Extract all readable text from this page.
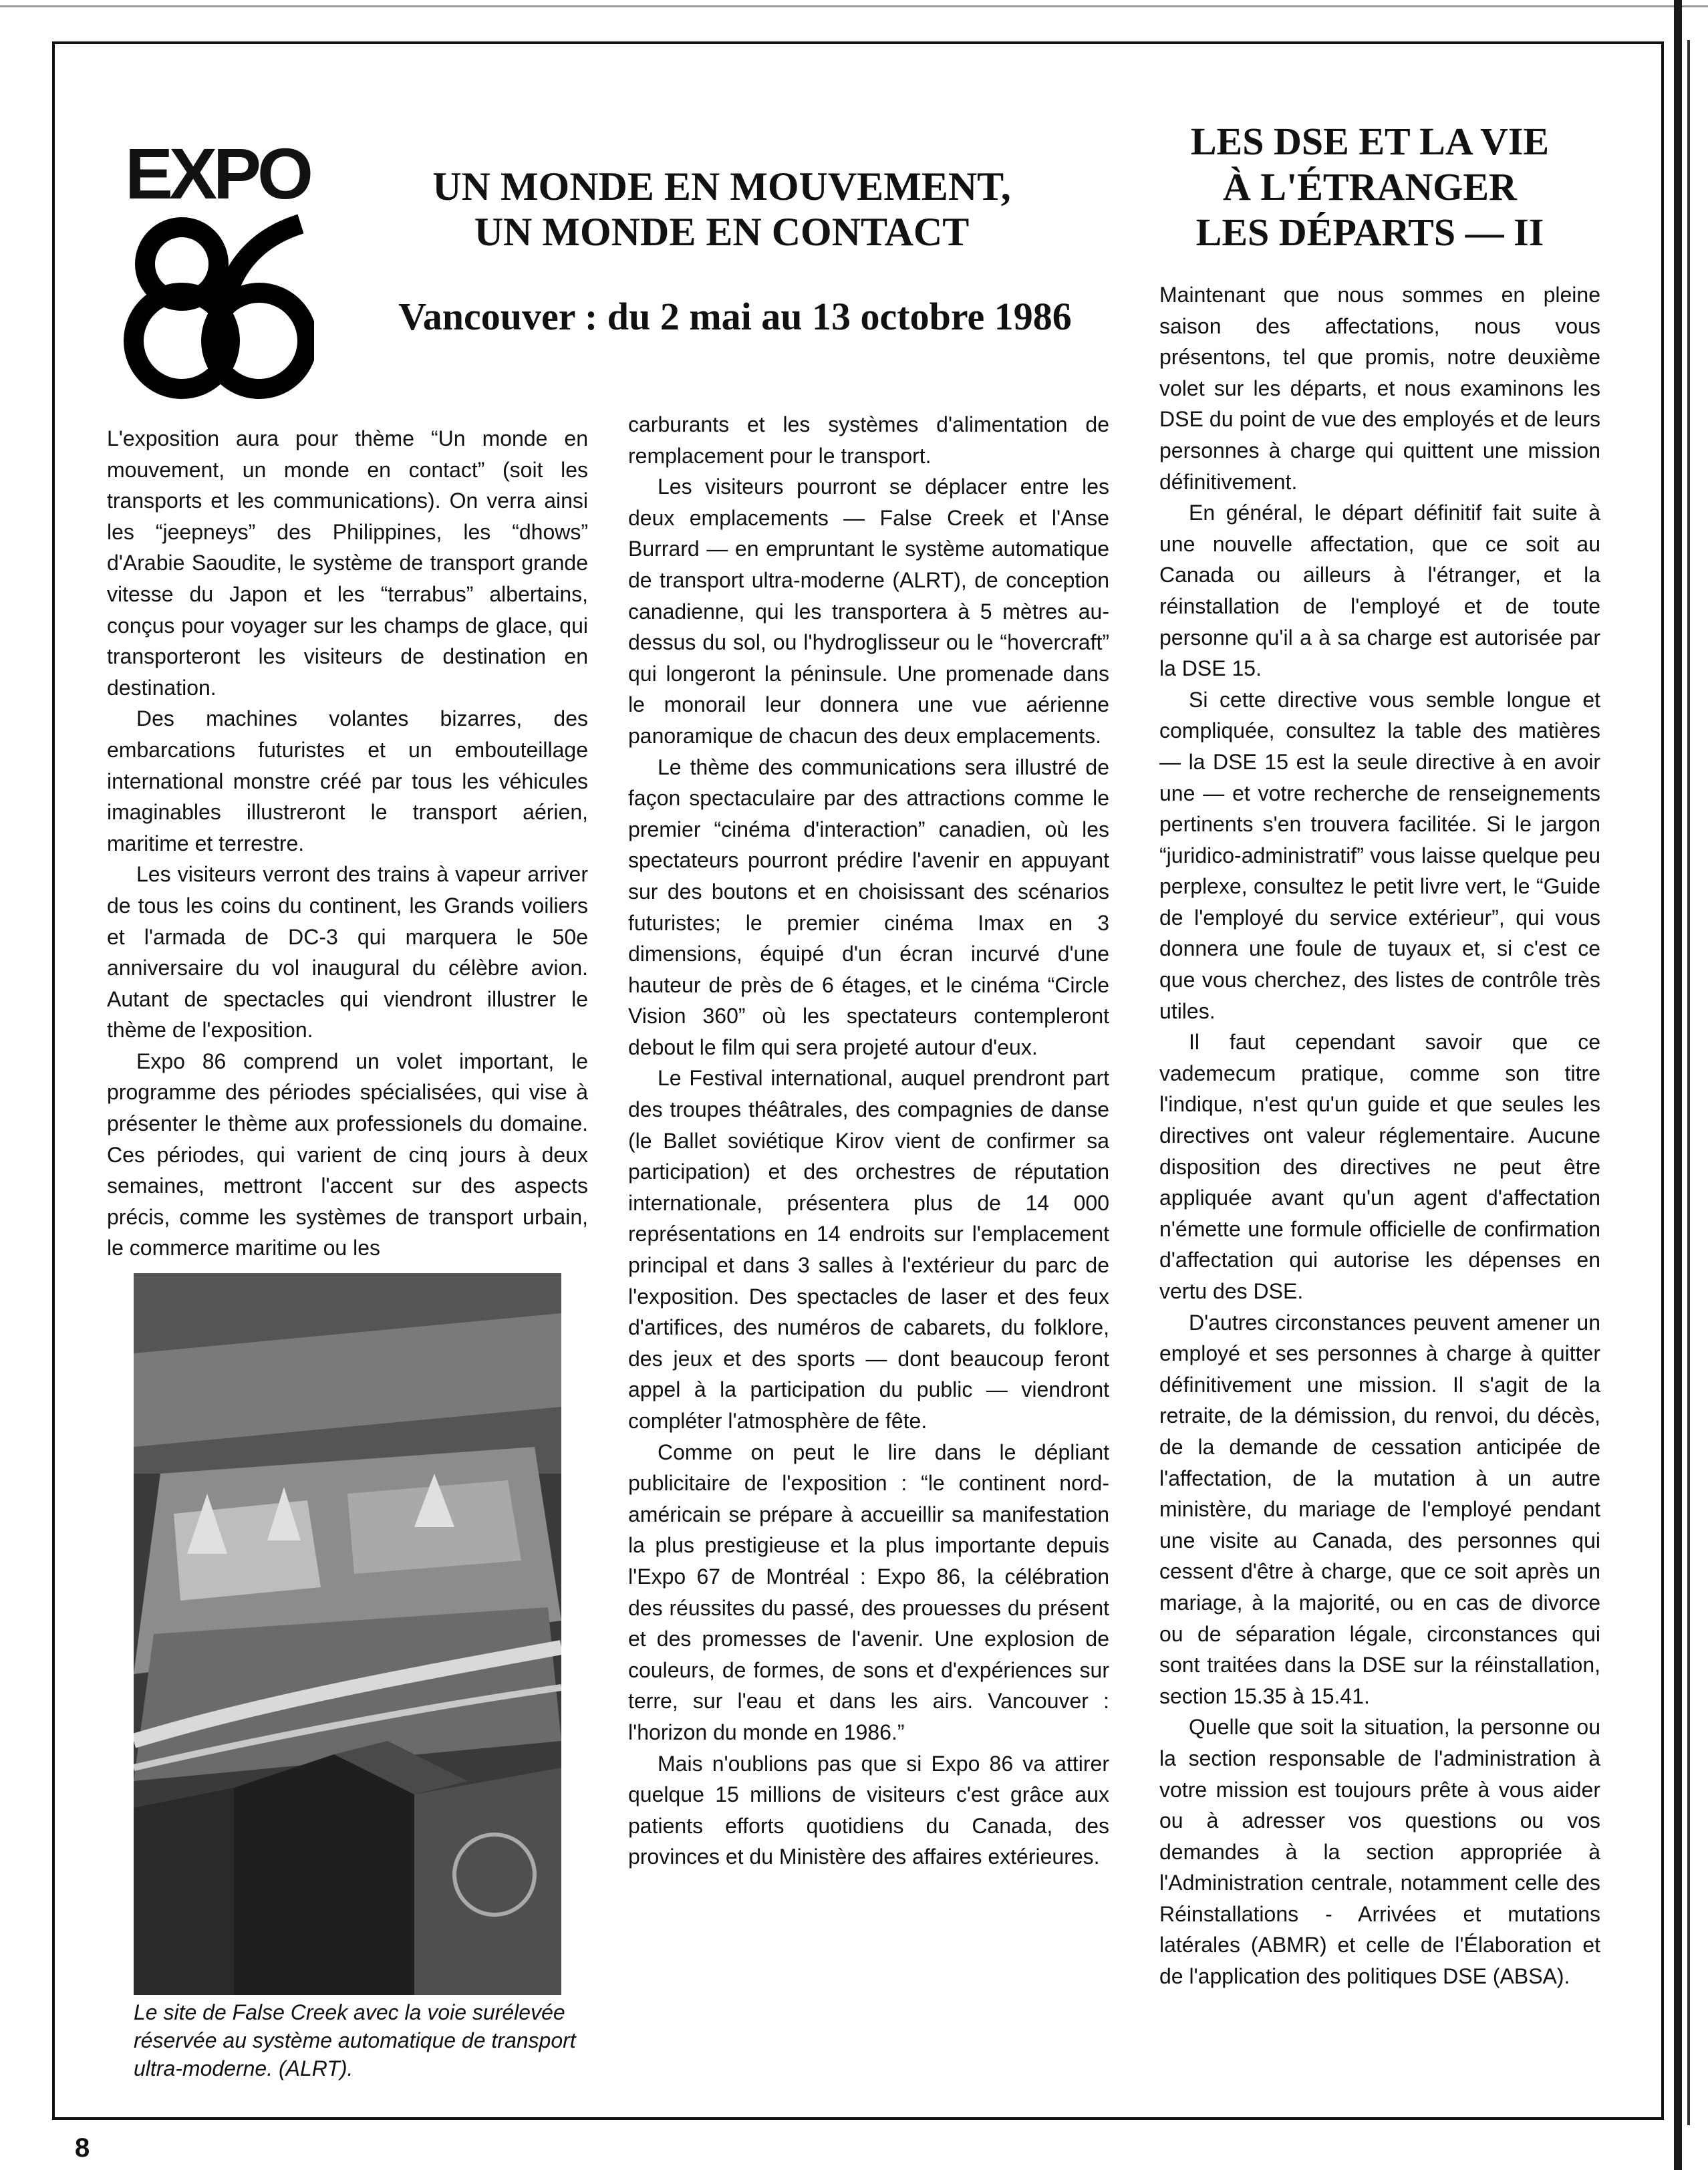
EXPO	UN MONDE EN MOUVEMENT,
UN MONDE EN CONTACT
Vancouver : du 2 mai au 13 octobre 1986
LES DSE ET LA VIE
À L'ÉTRANGER
LES DÉPARTS — II

L'exposition aura pour thème “Un monde en mouvement, un monde en contact” (soit les transports et les communications). On verra ainsi les “jeepneys” des Philippines, les “dhows” d'Arabie Saoudite, le système de transport grande vitesse du Japon et les “terrabus” albertains, conçus pour voyager sur les champs de glace, qui transporteront les visiteurs de destination en destination.

Des machines volantes bizarres, des embarcations futuristes et un embouteillage international monstre créé par tous les véhicules imaginables illustreront le transport aérien, maritime et terrestre.

Les visiteurs verront des trains à vapeur arriver de tous les coins du continent, les Grands voiliers et l'armada de DC-3 qui marquera le 50e anniversaire du vol inaugural du célèbre avion. Autant de spectacles qui viendront illustrer le thème de l'exposition.

Expo 86 comprend un volet important, le programme des périodes spécialisées, qui vise à présenter le thème aux professionels du domaine. Ces périodes, qui varient de cinq jours à deux semaines, mettront l'accent sur des aspects précis, comme les systèmes de transport urbain, le commerce maritime ou les

Le site de False Creek avec la voie surélevée réservée au système automatique de transport ultra-moderne. (ALRT).

carburants et les systèmes d'alimentation de remplacement pour le transport.

Les visiteurs pourront se déplacer entre les deux emplacements — False Creek et l'Anse Burrard — en empruntant le système automatique de transport ultra-moderne (ALRT), de conception canadienne, qui les transportera à 5 mètres au-dessus du sol, ou l'hydroglisseur ou le “hovercraft” qui longeront la péninsule. Une promenade dans le monorail leur donnera une vue aérienne panoramique de chacun des deux emplacements.

Le thème des communications sera illustré de façon spectaculaire par des attractions comme le premier “cinéma d'interaction” canadien, où les spectateurs pourront prédire l'avenir en appuyant sur des boutons et en choisissant des scénarios futuristes; le premier cinéma Imax en 3 dimensions, équipé d'un écran incurvé d'une hauteur de près de 6 étages, et le cinéma “Circle Vision 360” où les spectateurs contempleront debout le film qui sera projeté autour d'eux.

Le Festival international, auquel prendront part des troupes théâtrales, des compagnies de danse (le Ballet soviétique Kirov vient de confirmer sa participation) et des orchestres de réputation internationale, présentera plus de 14 000 représentations en 14 endroits sur l'emplacement principal et dans 3 salles à l'extérieur du parc de l'exposition. Des spectacles de laser et des feux d'artifices, des numéros de cabarets, du folklore, des jeux et des sports — dont beaucoup feront appel à la participation du public — viendront compléter l'atmosphère de fête.

Comme on peut le lire dans le dépliant publicitaire de l'exposition : “le continent nord-américain se prépare à accueillir sa manifestation la plus prestigieuse et la plus importante depuis l'Expo 67 de Montréal : Expo 86, la célébration des réussites du passé, des prouesses du présent et des promesses de l'avenir. Une explosion de couleurs, de formes, de sons et d'expériences sur terre, sur l'eau et dans les airs. Vancouver : l'horizon du monde en 1986.”

Mais n'oublions pas que si Expo 86 va attirer quelque 15 millions de visiteurs c'est grâce aux patients efforts quotidiens du Canada, des provinces et du Ministère des affaires extérieures.

Maintenant que nous sommes en pleine saison des affectations, nous vous présentons, tel que promis, notre deuxième volet sur les départs, et nous examinons les DSE du point de vue des employés et de leurs personnes à charge qui quittent une mission définitivement.

En général, le départ définitif fait suite à une nouvelle affectation, que ce soit au Canada ou ailleurs à l'étranger, et la réinstallation de l'employé et de toute personne qu'il a à sa charge est autorisée par la DSE 15.

Si cette directive vous semble longue et compliquée, consultez la table des matières — la DSE 15 est la seule directive à en avoir une — et votre recherche de renseignements pertinents s'en trouvera facilitée. Si le jargon “juridico-administratif” vous laisse quelque peu perplexe, consultez le petit livre vert, le “Guide de l'employé du service extérieur”, qui vous donnera une foule de tuyaux et, si c'est ce que vous cherchez, des listes de contrôle très utiles.

Il faut cependant savoir que ce vademecum pratique, comme son titre l'indique, n'est qu'un guide et que seules les directives ont valeur réglementaire. Aucune disposition des directives ne peut être appliquée avant qu'un agent d'affectation n'émette une formule officielle de confirmation d'affectation qui autorise les dépenses en vertu des DSE.

D'autres circonstances peuvent amener un employé et ses personnes à charge à quitter définitivement une mission. Il s'agit de la retraite, de la démission, du renvoi, du décès, de la demande de cessation anticipée de l'affectation, de la mutation à un autre ministère, du mariage de l'employé pendant une visite au Canada, des personnes qui cessent d'être à charge, que ce soit après un mariage, à la majorité, ou en cas de divorce ou de séparation légale, circonstances qui sont traitées dans la DSE sur la réinstallation, section 15.35 à 15.41.

Quelle que soit la situation, la personne ou la section responsable de l'administration à votre mission est toujours prête à vous aider ou à adresser vos questions ou vos demandes à la section appropriée à l'Administration centrale, notamment celle des Réinstallations - Arrivées et mutations latérales (ABMR) et celle de l'Élaboration et de l'application des politiques DSE (ABSA).

8
